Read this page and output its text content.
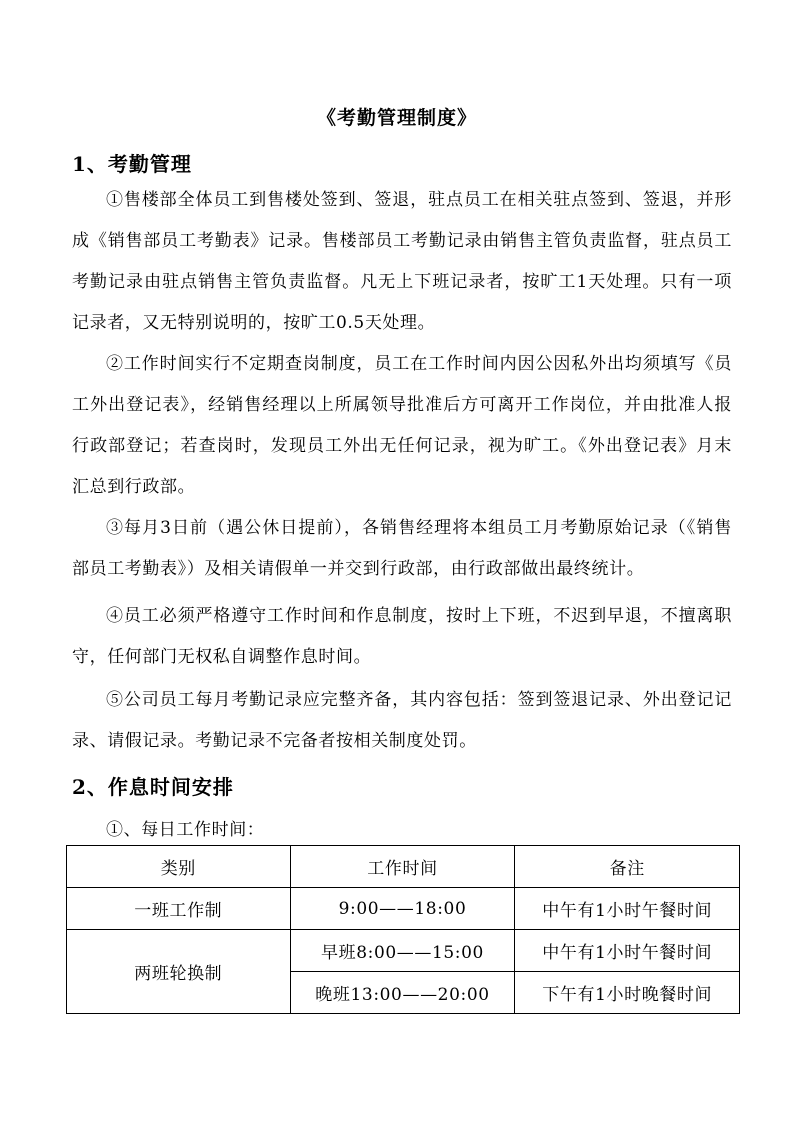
《考勤管理制度》
1、考勤管理
①售楼部全体员工到售楼处签到、签退，驻点员工在相关驻点签到、签退，并形成《销售部员工考勤表》记录。售楼部员工考勤记录由销售主管负责监督，驻点员工考勤记录由驻点销售主管负责监督。凡无上下班记录者，按旷工1天处理。只有一项记录者，又无特别说明的，按旷工0.5天处理。
②工作时间实行不定期查岗制度，员工在工作时间内因公因私外出均须填写《员工外出登记表》，经销售经理以上所属领导批准后方可离开工作岗位，并由批准人报行政部登记；若查岗时，发现员工外出无任何记录，视为旷工。《外出登记表》月末汇总到行政部。
③每月3日前（遇公休日提前），各销售经理将本组员工月考勤原始记录（《销售部员工考勤表》）及相关请假单一并交到行政部，由行政部做出最终统计。
④员工必须严格遵守工作时间和作息制度，按时上下班，不迟到早退，不擅离职守，任何部门无权私自调整作息时间。
⑤公司员工每月考勤记录应完整齐备，其内容包括：签到签退记录、外出登记记录、请假记录。考勤记录不完备者按相关制度处罚。
2、作息时间安排
①、每日工作时间：
类别	工作时间	备注
一班工作制	9:00——18:00	中午有1小时午餐时间
两班轮换制	早班8:00——15:00	中午有1小时午餐时间
	晚班13:00——20:00	下午有1小时晚餐时间
